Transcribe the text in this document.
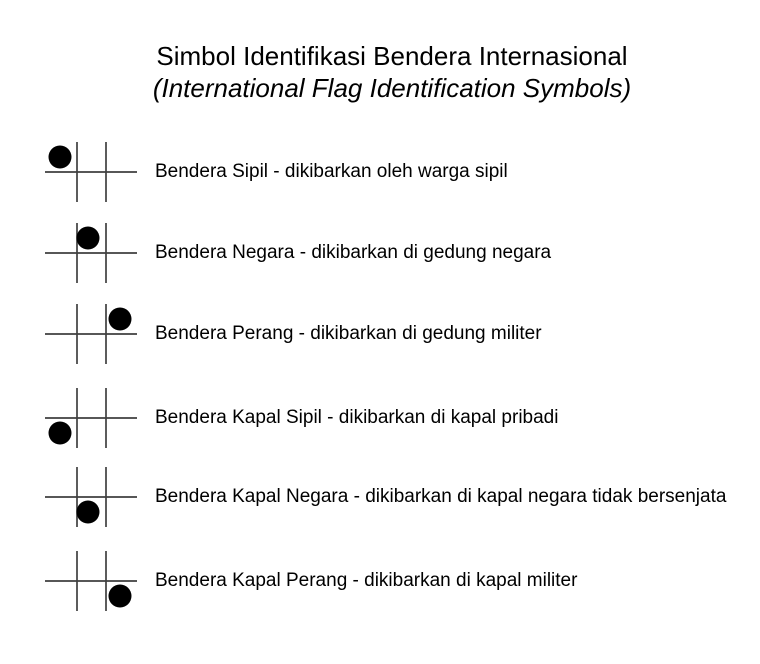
Simbol Identifikasi Bendera Internasional
(International Flag Identification Symbols)
Bendera Sipil - dikibarkan oleh warga sipil
Bendera Negara - dikibarkan di gedung negara
Bendera Perang - dikibarkan di gedung militer
Bendera Kapal Sipil - dikibarkan di kapal pribadi
Bendera Kapal Negara - dikibarkan di kapal negara tidak bersenjata
Bendera Kapal Perang - dikibarkan di kapal militer
